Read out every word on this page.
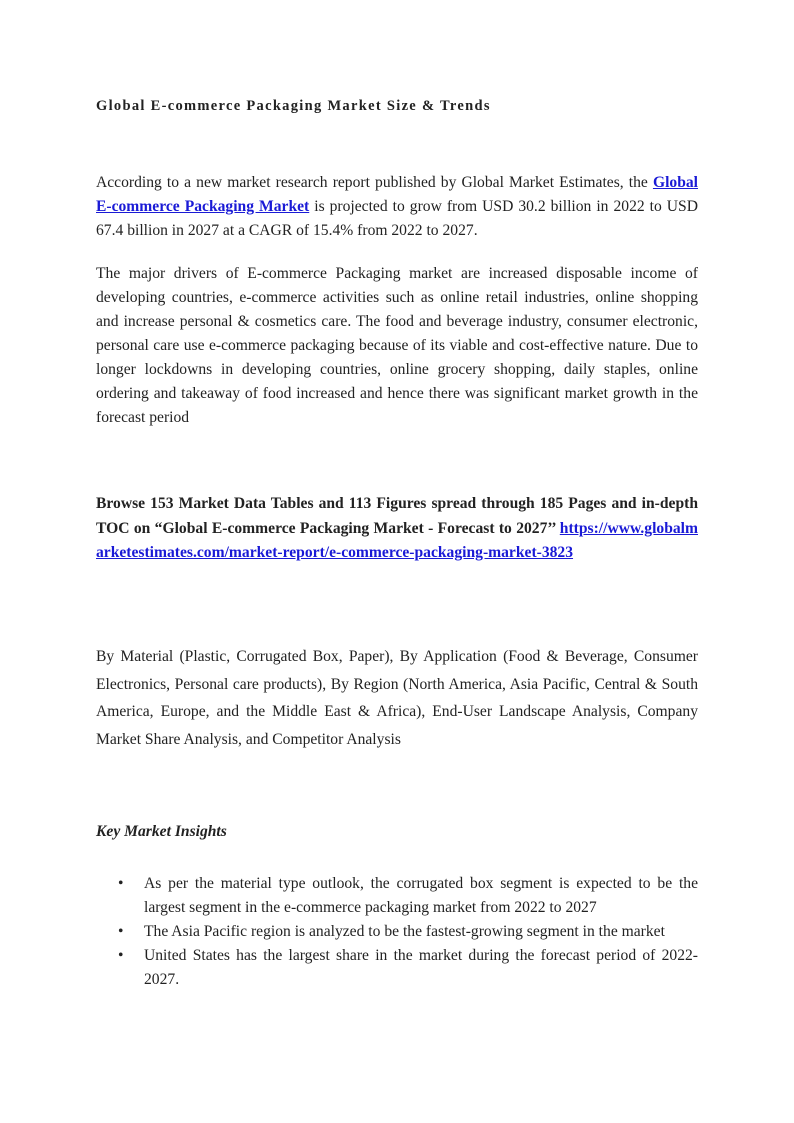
Global E-commerce Packaging Market Size & Trends

According to a new market research report published by Global Market Estimates, the Global E-commerce Packaging Market is projected to grow from USD 30.2 billion in 2022 to USD 67.4 billion in 2027 at a CAGR of 15.4% from 2022 to 2027.

The major drivers of E-commerce Packaging market are increased disposable income of developing countries, e-commerce activities such as online retail industries, online shopping and increase personal & cosmetics care. The food and beverage industry, consumer electronic, personal care use e-commerce packaging because of its viable and cost-effective nature. Due to longer lockdowns in developing countries, online grocery shopping, daily staples, online ordering and takeaway of food increased and hence there was significant market growth in the forecast period

Browse 153 Market Data Tables and 113 Figures spread through 185 Pages and in-depth TOC on “Global E-commerce Packaging Market - Forecast to 2027’’ https://www.globalmarketestimates.com/market-report/e-commerce-packaging-market-3823

By Material (Plastic, Corrugated Box, Paper), By Application (Food & Beverage, Consumer Electronics, Personal care products), By Region (North America, Asia Pacific, Central & South America, Europe, and the Middle East & Africa), End-User Landscape Analysis, Company Market Share Analysis, and Competitor Analysis

Key Market Insights
• As per the material type outlook, the corrugated box segment is expected to be the largest segment in the e-commerce packaging market from 2022 to 2027
• The Asia Pacific region is analyzed to be the fastest-growing segment in the market
• United States has the largest share in the market during the forecast period of 2022-2027.
